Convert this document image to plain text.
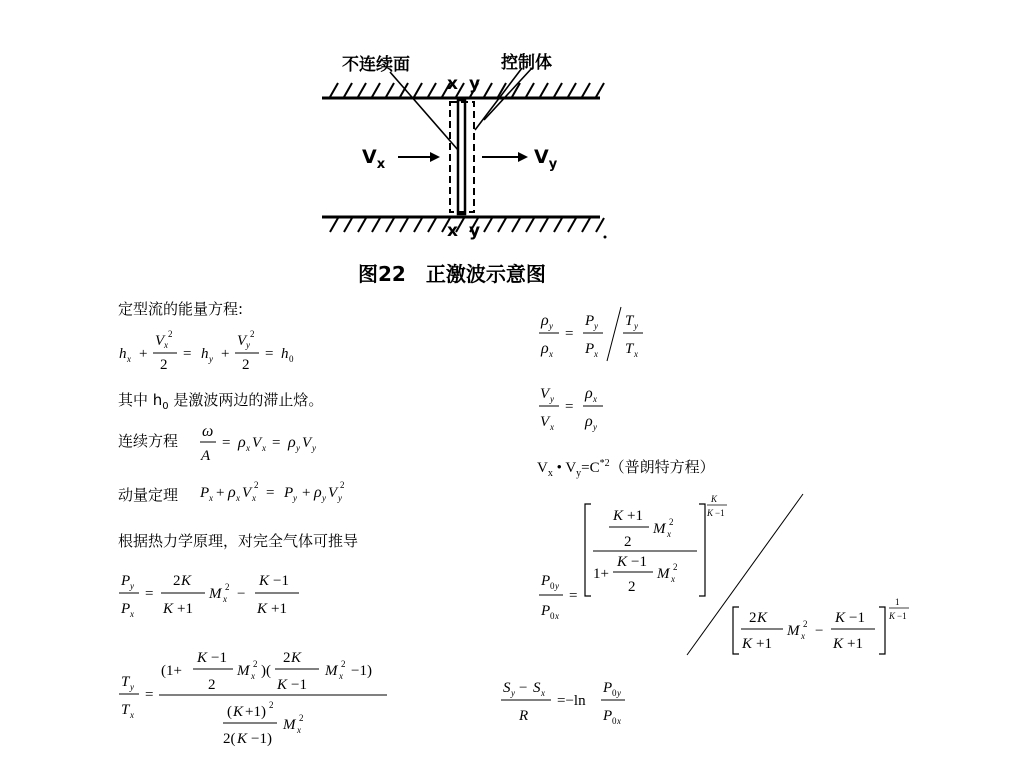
不连续面	控制体
x y
x y
$V_x$	$V_y$
图22　正激波示意图
定型流的能量方程:
h x +
V x
2
2
= h y +
V y
2
2
= h 0
其中 $h_0$ 是激波两边的滞止焓。
连续方程
ω
A
= ρ x V x = ρ y V y
动量定理 P x + ρ x V x
2 = P y + ρ y V y
2
根据热力学原理，对完全气体可推导
P y
P x
=
2 K
K +1
M x
2 −
K −1
K +1
T y
T x
=
(1+
K −1
2
M x
2 )(
2 K
K −1
M x
2 −1)
( K +1) 2
2( K −1)
M x
2
ρ y
ρ x
=
P y
P x
T y
T x
V y
V x
=
ρ x
ρ y
$V_x$ • $V_y=C^{*2}$（普朗特方程）
P 0 y
P 0 x
=
K +1
2
M x
2
1+
K −1
2
M x
2
K
K −1
2 K
K +1
M x
2 −
K −1
K +1
1
K −1
S y − S x
R
=−ln
P 0 y
P 0 x
